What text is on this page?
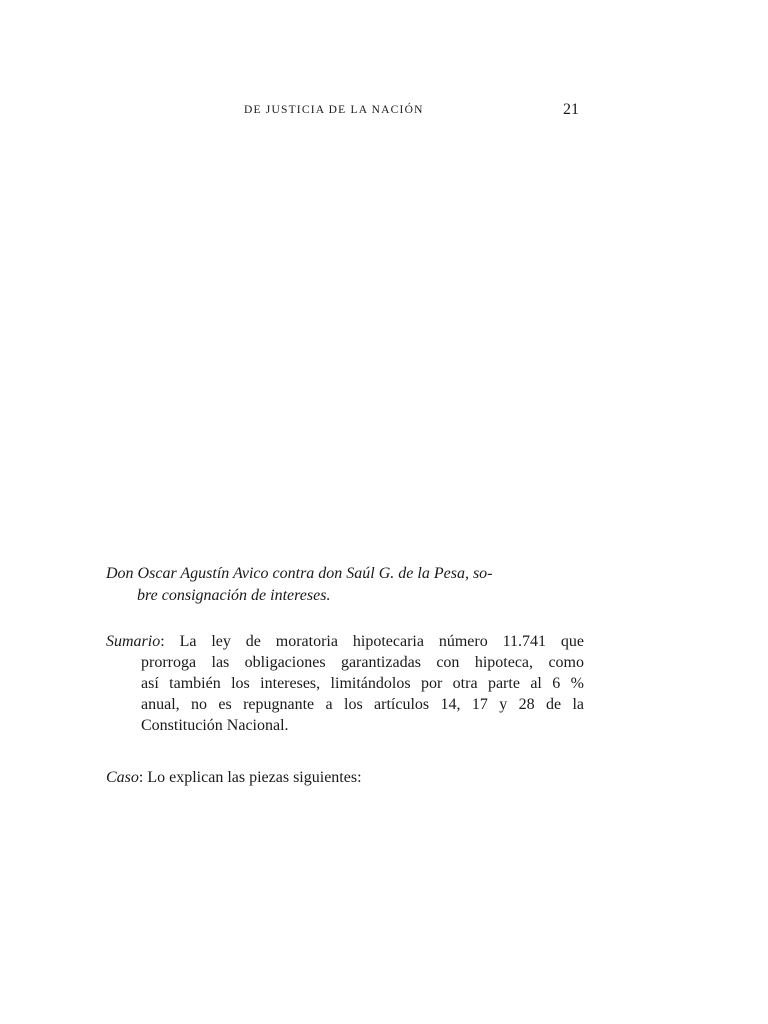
DE JUSTICIA DE LA NACIÓN	21
Don Oscar Agustín Avico contra don Saúl G. de la Pesa, so-
bre consignación de intereses.
Sumario: La ley de moratoria hipotecaria número 11.741 que
prorroga las obligaciones garantizadas con hipoteca, como
así también los intereses, limitándolos por otra parte al 6 %
anual, no es repugnante a los artículos 14, 17 y 28 de la
Constitución Nacional.
Caso: Lo explican las piezas siguientes:
